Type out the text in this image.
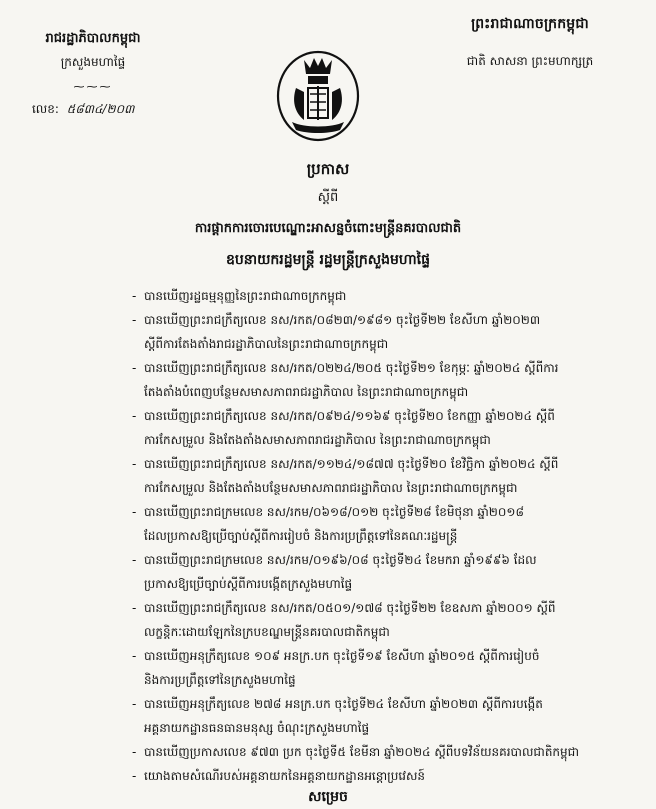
ព្រះរាជាណាចក្រកម្ពុជា
ជាតិ សាសនា ព្រះមហាក្សត្រ
រាជរដ្ឋាភិបាលកម្ពុជា
ក្រសួងមហាផ្ទៃ
⁓⁓⁓
លេខ: ៥៨៣៤/២០៣
ប្រកាស
ស្ដីពី
ការផ្ដាកការចោរបេណ្ឌោះអាសន្នចំពោះមន្ត្រីនគរបាលជាតិ
ឧបនាយករដ្ឋមន្ត្រី រដ្ឋមន្ត្រីក្រសួងមហាផ្ទៃ
- បានឃើញរដ្ឋធម្មនុញ្ញនៃព្រះរាជាណាចក្រកម្ពុជា
- បានឃើញព្រះរាជក្រឹត្យលេខ នស/រកត/០៨២៣/១៩៨១ ចុះថ្ងៃទី២២ ខែសីហា ឆ្នាំ២០២៣
ស្ដីពីការតែងតាំងរាជរដ្ឋាភិបាលនៃព្រះរាជាណាចក្រកម្ពុជា
- បានឃើញព្រះរាជក្រឹត្យលេខ នស/រកត/០២២៤/២០៥ ចុះថ្ងៃទី២១ ខែកុម្ភៈ ឆ្នាំ២០២៤ ស្ដីពីការ
តែងតាំងបំពេញបន្ថែមសមាសភាពរាជរដ្ឋាភិបាល នៃព្រះរាជាណាចក្រកម្ពុជា
- បានឃើញព្រះរាជក្រឹត្យលេខ នស/រកត/០៩២៤/១១៦៩ ចុះថ្ងៃទី២០ ខែកញ្ញា ឆ្នាំ២០២៤ ស្ដីពី
ការកែសម្រួល និងតែងតាំងសមាសភាពរាជរដ្ឋាភិបាល នៃព្រះរាជាណាចក្រកម្ពុជា
- បានឃើញព្រះរាជក្រឹត្យលេខ នស/រកត/១១២៤/១៨៧៧ ចុះថ្ងៃទី២០ ខែវិច្ឆិកា ឆ្នាំ២០២៤ ស្ដីពី
ការកែសម្រួល និងតែងតាំងបន្ថែមសមាសភាពរាជរដ្ឋាភិបាល នៃព្រះរាជាណាចក្រកម្ពុជា
- បានឃើញព្រះរាជក្រមលេខ នស/រកម/០៦១៨/០១២ ចុះថ្ងៃទី២៨ ខែមិថុនា ឆ្នាំ២០១៨
ដែលប្រកាសឱ្យប្រើច្បាប់ស្ដីពីការរៀបចំ និងការប្រព្រឹត្តទៅនៃគណៈរដ្ឋមន្ត្រី
- បានឃើញព្រះរាជក្រមលេខ នស/រកម/០១៩៦/០៨ ចុះថ្ងៃទី២៤ ខែមករា ឆ្នាំ១៩៩៦ ដែល
ប្រកាសឱ្យប្រើច្បាប់ស្ដីពីការបង្កើតក្រសួងមហាផ្ទៃ
- បានឃើញព្រះរាជក្រឹត្យលេខ នស/រកត/០៥០១/១៧៨ ចុះថ្ងៃទី២២ ខែឧសភា ឆ្នាំ២០០១ ស្ដីពី
លក្ខន្តិកៈដោយឡែកនៃក្របខណ្ឌមន្ត្រីនគរបាលជាតិកម្ពុជា
- បានឃើញអនុក្រឹត្យលេខ ១០៩ អនក្រ.បក ចុះថ្ងៃទី១៩ ខែសីហា ឆ្នាំ២០១៥ ស្ដីពីការរៀបចំ
និងការប្រព្រឹត្តទៅនៃក្រសួងមហាផ្ទៃ
- បានឃើញអនុក្រឹត្យលេខ ២៧៨ អនក្រ.បក ចុះថ្ងៃទី២៤ ខែសីហា ឆ្នាំ២០២៣ ស្ដីពីការបង្កើត
អគ្គនាយកដ្ឋានធនធានមនុស្ស ចំណុះក្រសួងមហាផ្ទៃ
- បានឃើញប្រកាសលេខ ៩៧៣ ប្រក ចុះថ្ងៃទី៥ ខែមីនា ឆ្នាំ២០២៤ ស្ដីពីបទវិន័យនគរបាលជាតិកម្ពុជា
- យោងតាមសំណើរបស់អគ្គនាយកនៃអគ្គនាយកដ្ឋានអន្តោប្រវេសន៍
សម្រេច
